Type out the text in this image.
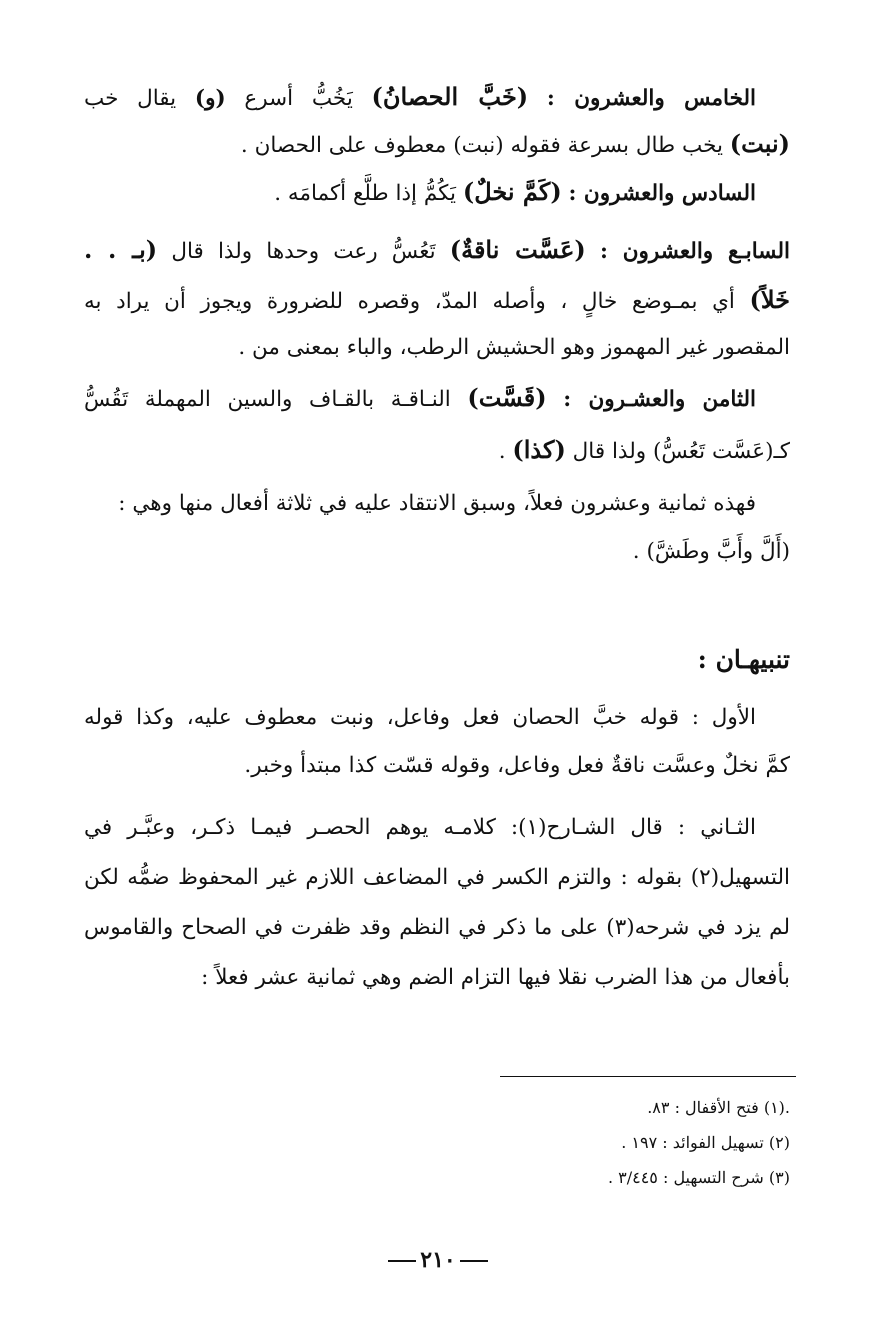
الخامس والعشرون : (خَبَّ الحصانُ) يَخُبُّ أسرع (و) يقال خب
(نبت) يخب طال بسرعة فقوله (نبت) معطوف على الحصان .
السادس والعشرون : (كَمَّ نخلٌ) يَكُمُّ إذا طلَّع أكمامَه .
السابـع والعشرون : (عَسَّت ناقةٌ) تَعُسُّ رعت وحدها ولذا قال (بـ . .
خَلاً) أي بمـوضع خالٍ ، وأصله المدّ، وقصره للضرورة ويجوز أن يراد به
المقصور غير المهموز وهو الحشيش الرطب، والباء بمعنى من .
الثامن والعشـرون : (قَسَّت) النـاقـة بالقـاف والسين المهملة تَقُسُّ
كـ(عَسَّت تَعُسُّ) ولذا قال (كذا) .
فهذه ثمانية وعشرون فعلاً، وسبق الانتقاد عليه في ثلاثة أفعال منها وهي :
(أَلَّ وأَبَّ وطَشَّ) .
تنبيهـان :
الأول : قوله خبَّ الحصان فعل وفاعل، ونبت معطوف عليه، وكذا قوله
كمَّ نخلٌ وعسَّت ناقةٌ فعل وفاعل، وقوله قسّت كذا مبتدأ وخبر.
الثـاني : قال الشـارح(١): كلامـه يوهم الحصـر فيمـا ذكـر، وعبَّـر في
التسهيل(٢) بقوله : والتزم الكسر في المضاعف اللازم غير المحفوظ ضمُّه لكن
لم يزد في شرحه(٣) على ما ذكر في النظم وقد ظفرت في الصحاح والقاموس
بأفعال من هذا الضرب نقلا فيها التزام الضم وهي ثمانية عشر فعلاً :
.(١) فتح الأقفال : ٨٣.
(٢) تسهيل الفوائد : ١٩٧ .
(٣) شرح التسهيل : ٣/٤٤٥ .
٢١٠
